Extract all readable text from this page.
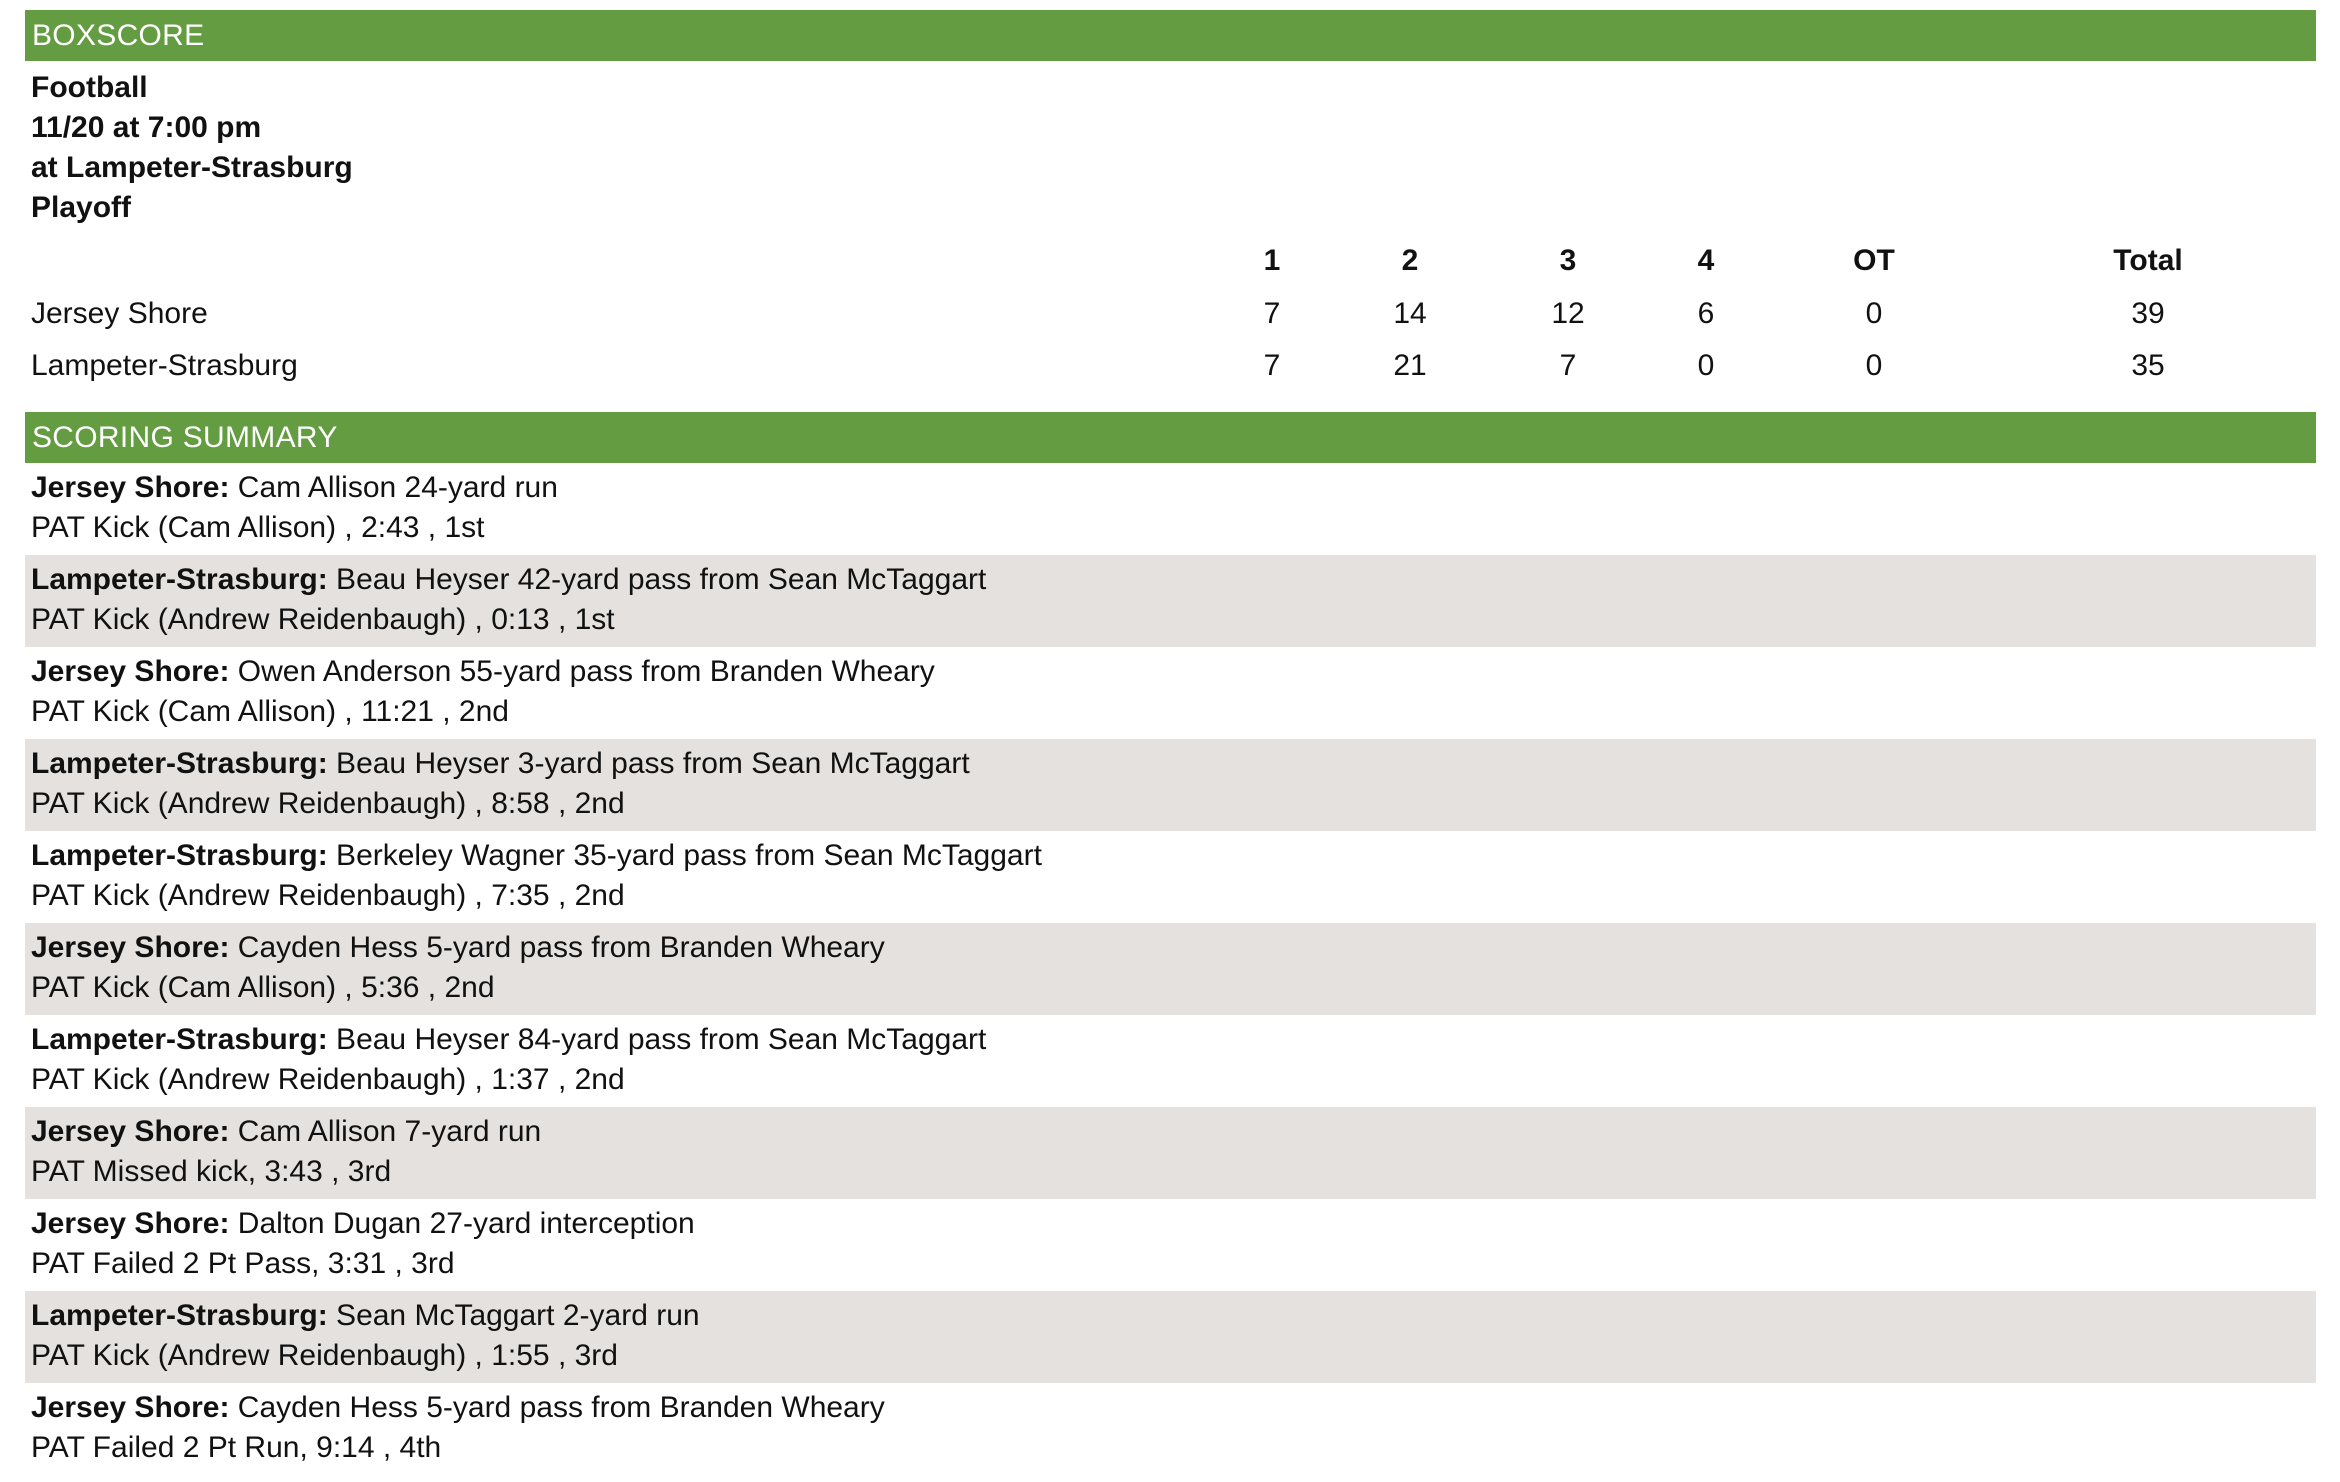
BOXSCORE
Football
11/20 at 7:00 pm
at Lampeter-Strasburg
Playoff
1	2	3	4	OT	Total
Jersey Shore	7	14	12	6	0	39
Lampeter-Strasburg	7	21	7	0	0	35
SCORING SUMMARY
Jersey Shore: Cam Allison 24-yard run
PAT Kick (Cam Allison) , 2:43 , 1st
Lampeter-Strasburg: Beau Heyser 42-yard pass from Sean McTaggart
PAT Kick (Andrew Reidenbaugh) , 0:13 , 1st
Jersey Shore: Owen Anderson 55-yard pass from Branden Wheary
PAT Kick (Cam Allison) , 11:21 , 2nd
Lampeter-Strasburg: Beau Heyser 3-yard pass from Sean McTaggart
PAT Kick (Andrew Reidenbaugh) , 8:58 , 2nd
Lampeter-Strasburg: Berkeley Wagner 35-yard pass from Sean McTaggart
PAT Kick (Andrew Reidenbaugh) , 7:35 , 2nd
Jersey Shore: Cayden Hess 5-yard pass from Branden Wheary
PAT Kick (Cam Allison) , 5:36 , 2nd
Lampeter-Strasburg: Beau Heyser 84-yard pass from Sean McTaggart
PAT Kick (Andrew Reidenbaugh) , 1:37 , 2nd
Jersey Shore: Cam Allison 7-yard run
PAT Missed kick, 3:43 , 3rd
Jersey Shore: Dalton Dugan 27-yard interception
PAT Failed 2 Pt Pass, 3:31 , 3rd
Lampeter-Strasburg: Sean McTaggart 2-yard run
PAT Kick (Andrew Reidenbaugh) , 1:55 , 3rd
Jersey Shore: Cayden Hess 5-yard pass from Branden Wheary
PAT Failed 2 Pt Run, 9:14 , 4th
